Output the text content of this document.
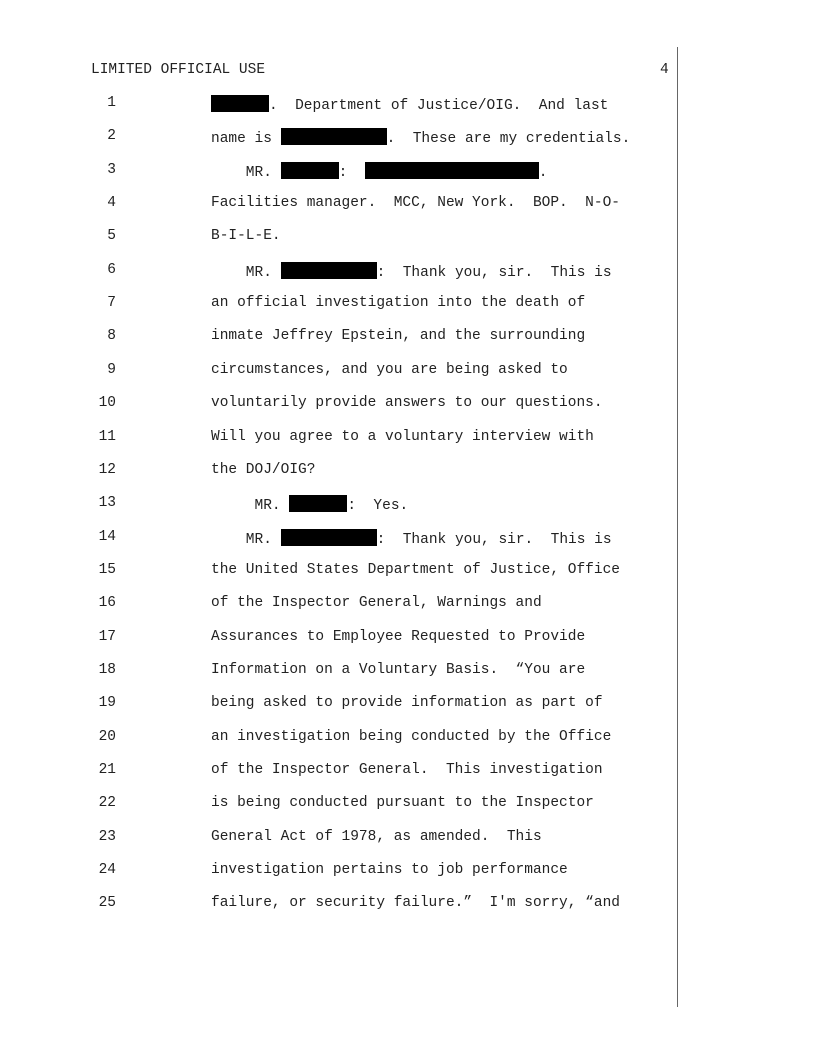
LIMITED OFFICIAL USE	4
1	.  Department of Justice/OIG.  And last
2	name is	.  These are my credentials.
3	MR.	:	.
4	Facilities manager.  MCC, New York.  BOP.  N-O-
5	B-I-L-E.
6	MR.	:  Thank you, sir.  This is
7	an official investigation into the death of
8	inmate Jeffrey Epstein, and the surrounding
9	circumstances, and you are being asked to
10	voluntarily provide answers to our questions.
11	Will you agree to a voluntary interview with
12	the DOJ/OIG?
13	MR.	:  Yes.
14	MR.	:  Thank you, sir.  This is
15	the United States Department of Justice, Office
16	of the Inspector General, Warnings and
17	Assurances to Employee Requested to Provide
18	Information on a Voluntary Basis.  “You are
19	being asked to provide information as part of
20	an investigation being conducted by the Office
21	of the Inspector General.  This investigation
22	is being conducted pursuant to the Inspector
23	General Act of 1978, as amended.  This
24	investigation pertains to job performance
25	failure, or security failure.”  I'm sorry, “and
